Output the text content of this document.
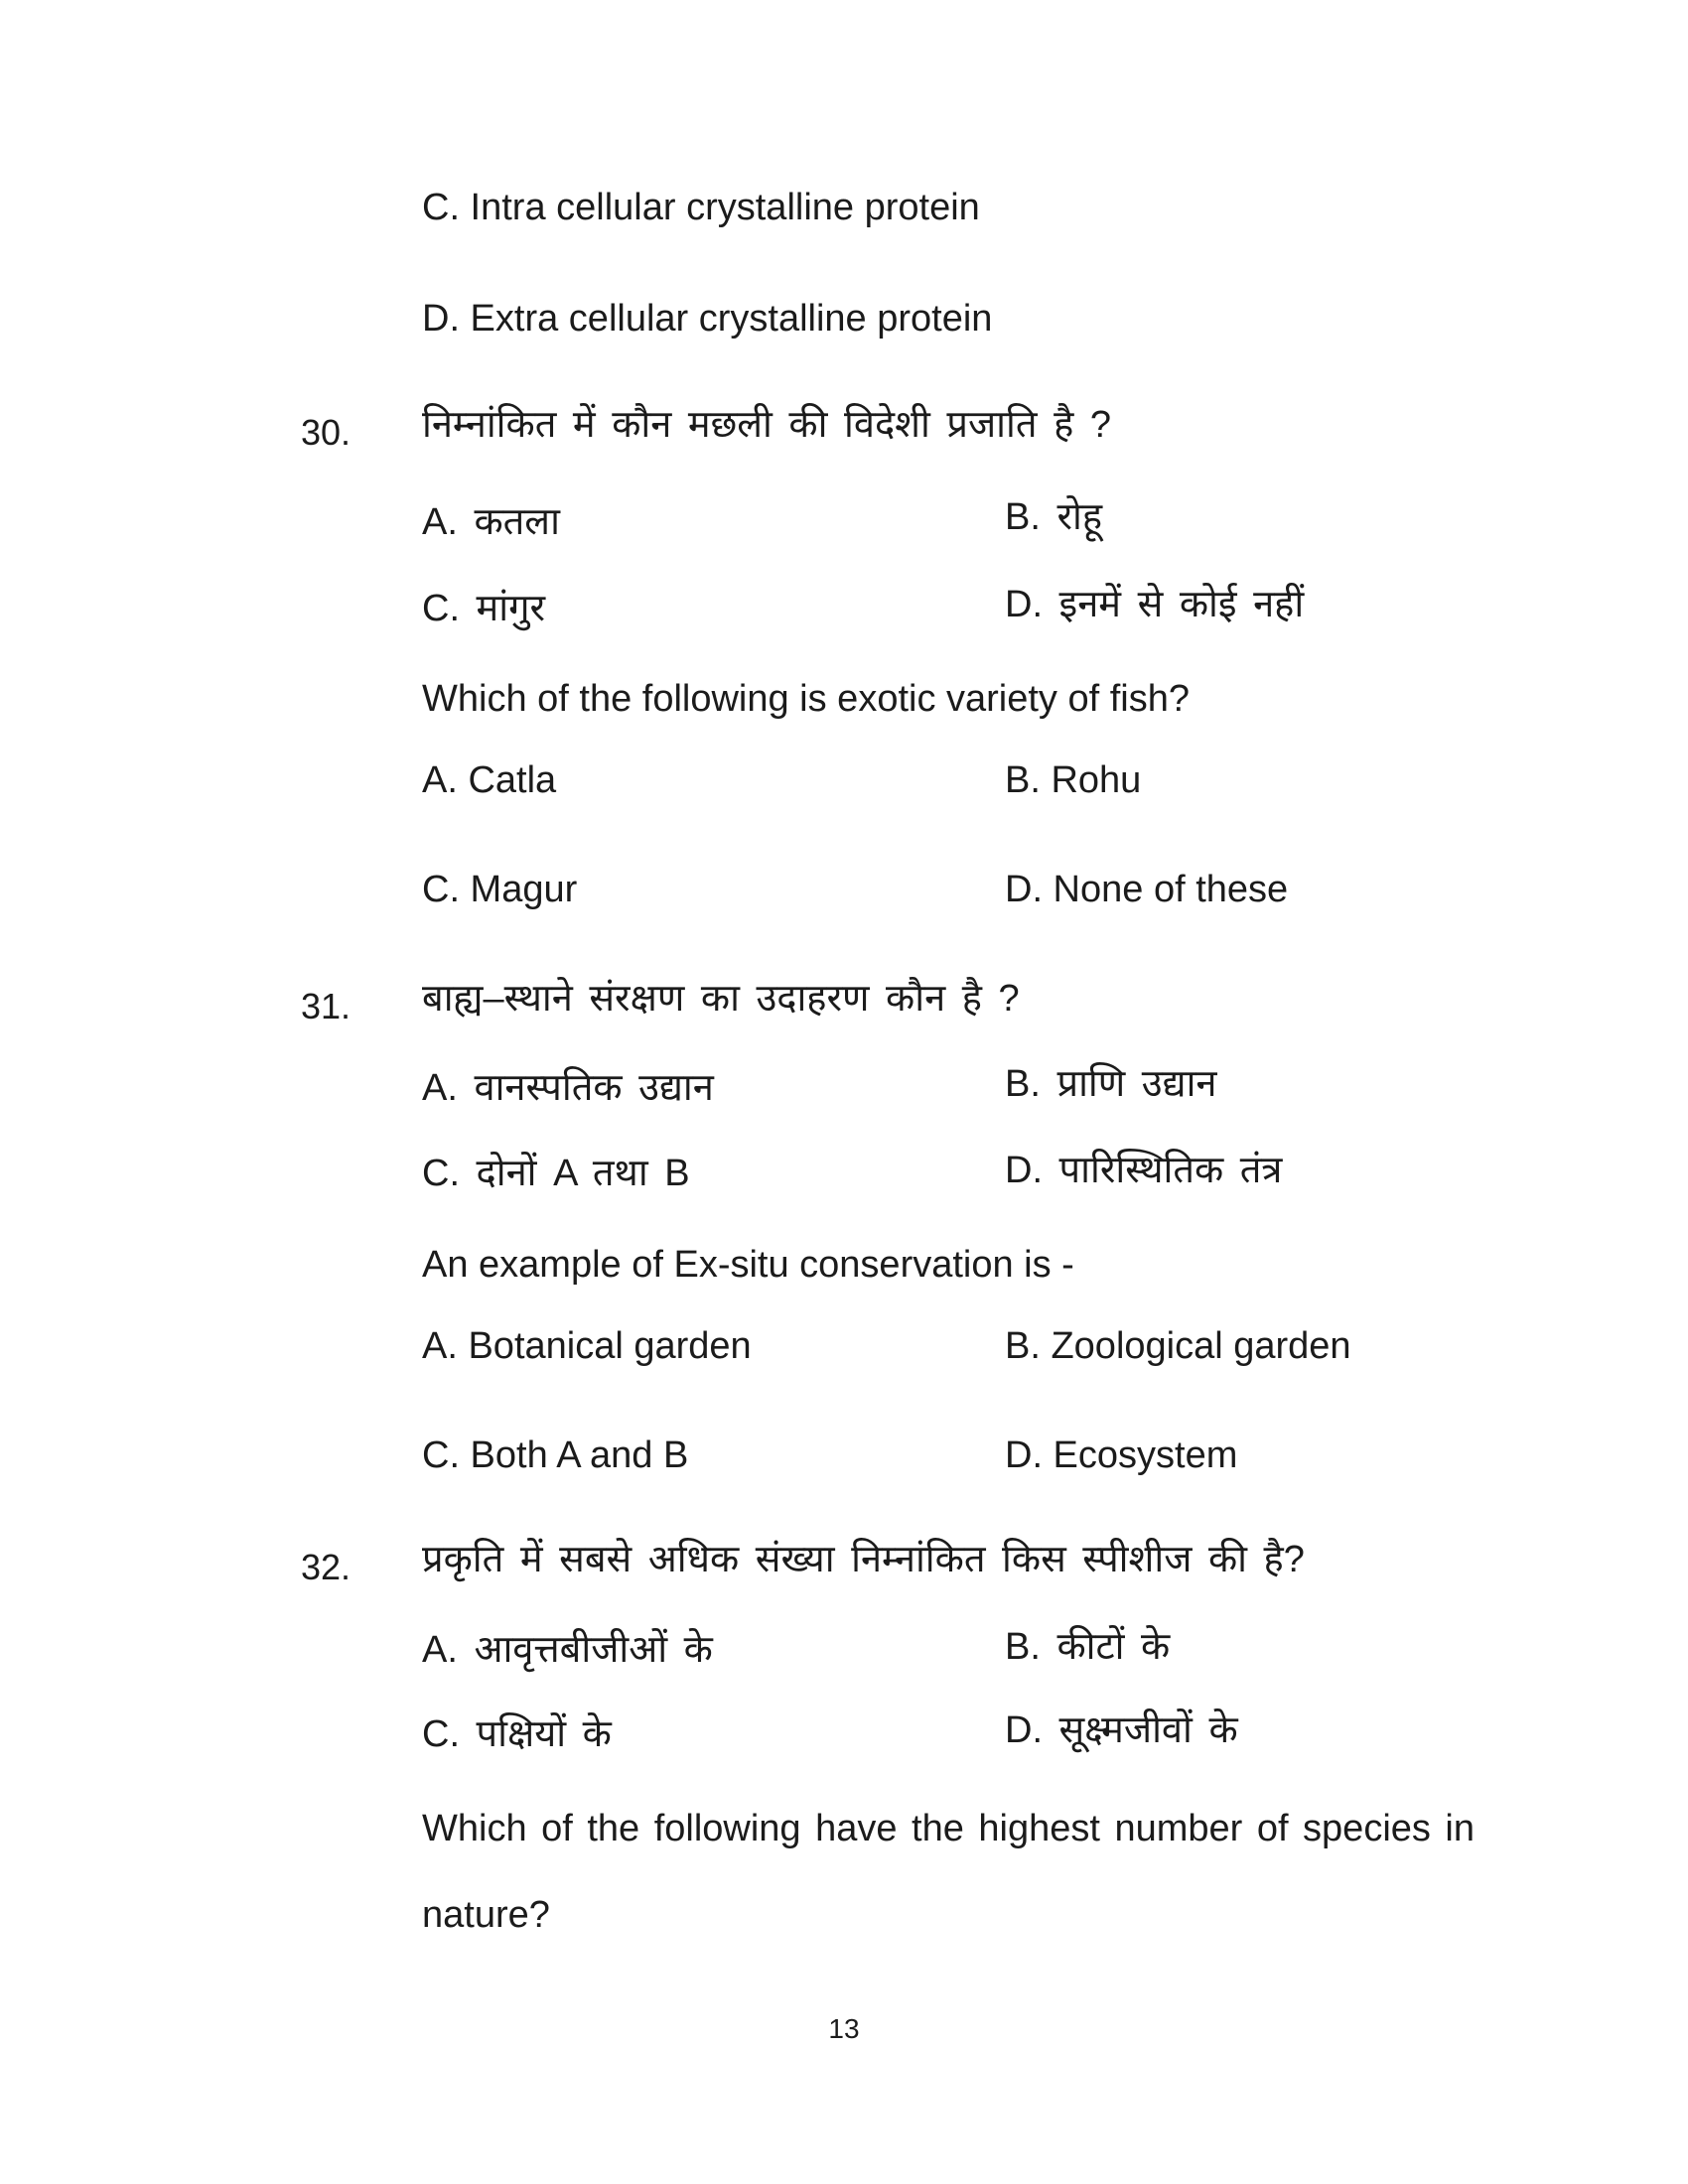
C. Intra cellular crystalline protein
D. Extra cellular crystalline protein
30. निम्नांकित में कौन मछली की विदेशी प्रजाति है ?
A. कतला	B. रोहू
C. मांगुर	D. इनमें से कोई नहीं
Which of the following is exotic variety of fish?
A. Catla	B. Rohu
C. Magur	D. None of these
31. बाह्य–स्थाने संरक्षण का उदाहरण कौन है ?
A. वानस्पतिक उद्यान	B. प्राणि उद्यान
C. दोनों A तथा B	D. पारिस्थितिक तंत्र
An example of Ex-situ conservation is -
A. Botanical garden	B. Zoological garden
C. Both A and B	D. Ecosystem
32. प्रकृति में सबसे अधिक संख्या निम्नांकित किस स्पीशीज की है?
A. आवृत्तबीजीओं के	B. कीटों के
C. पक्षियों के	D. सूक्ष्मजीवों के
Which of the following have the highest number of species in
nature?
13
